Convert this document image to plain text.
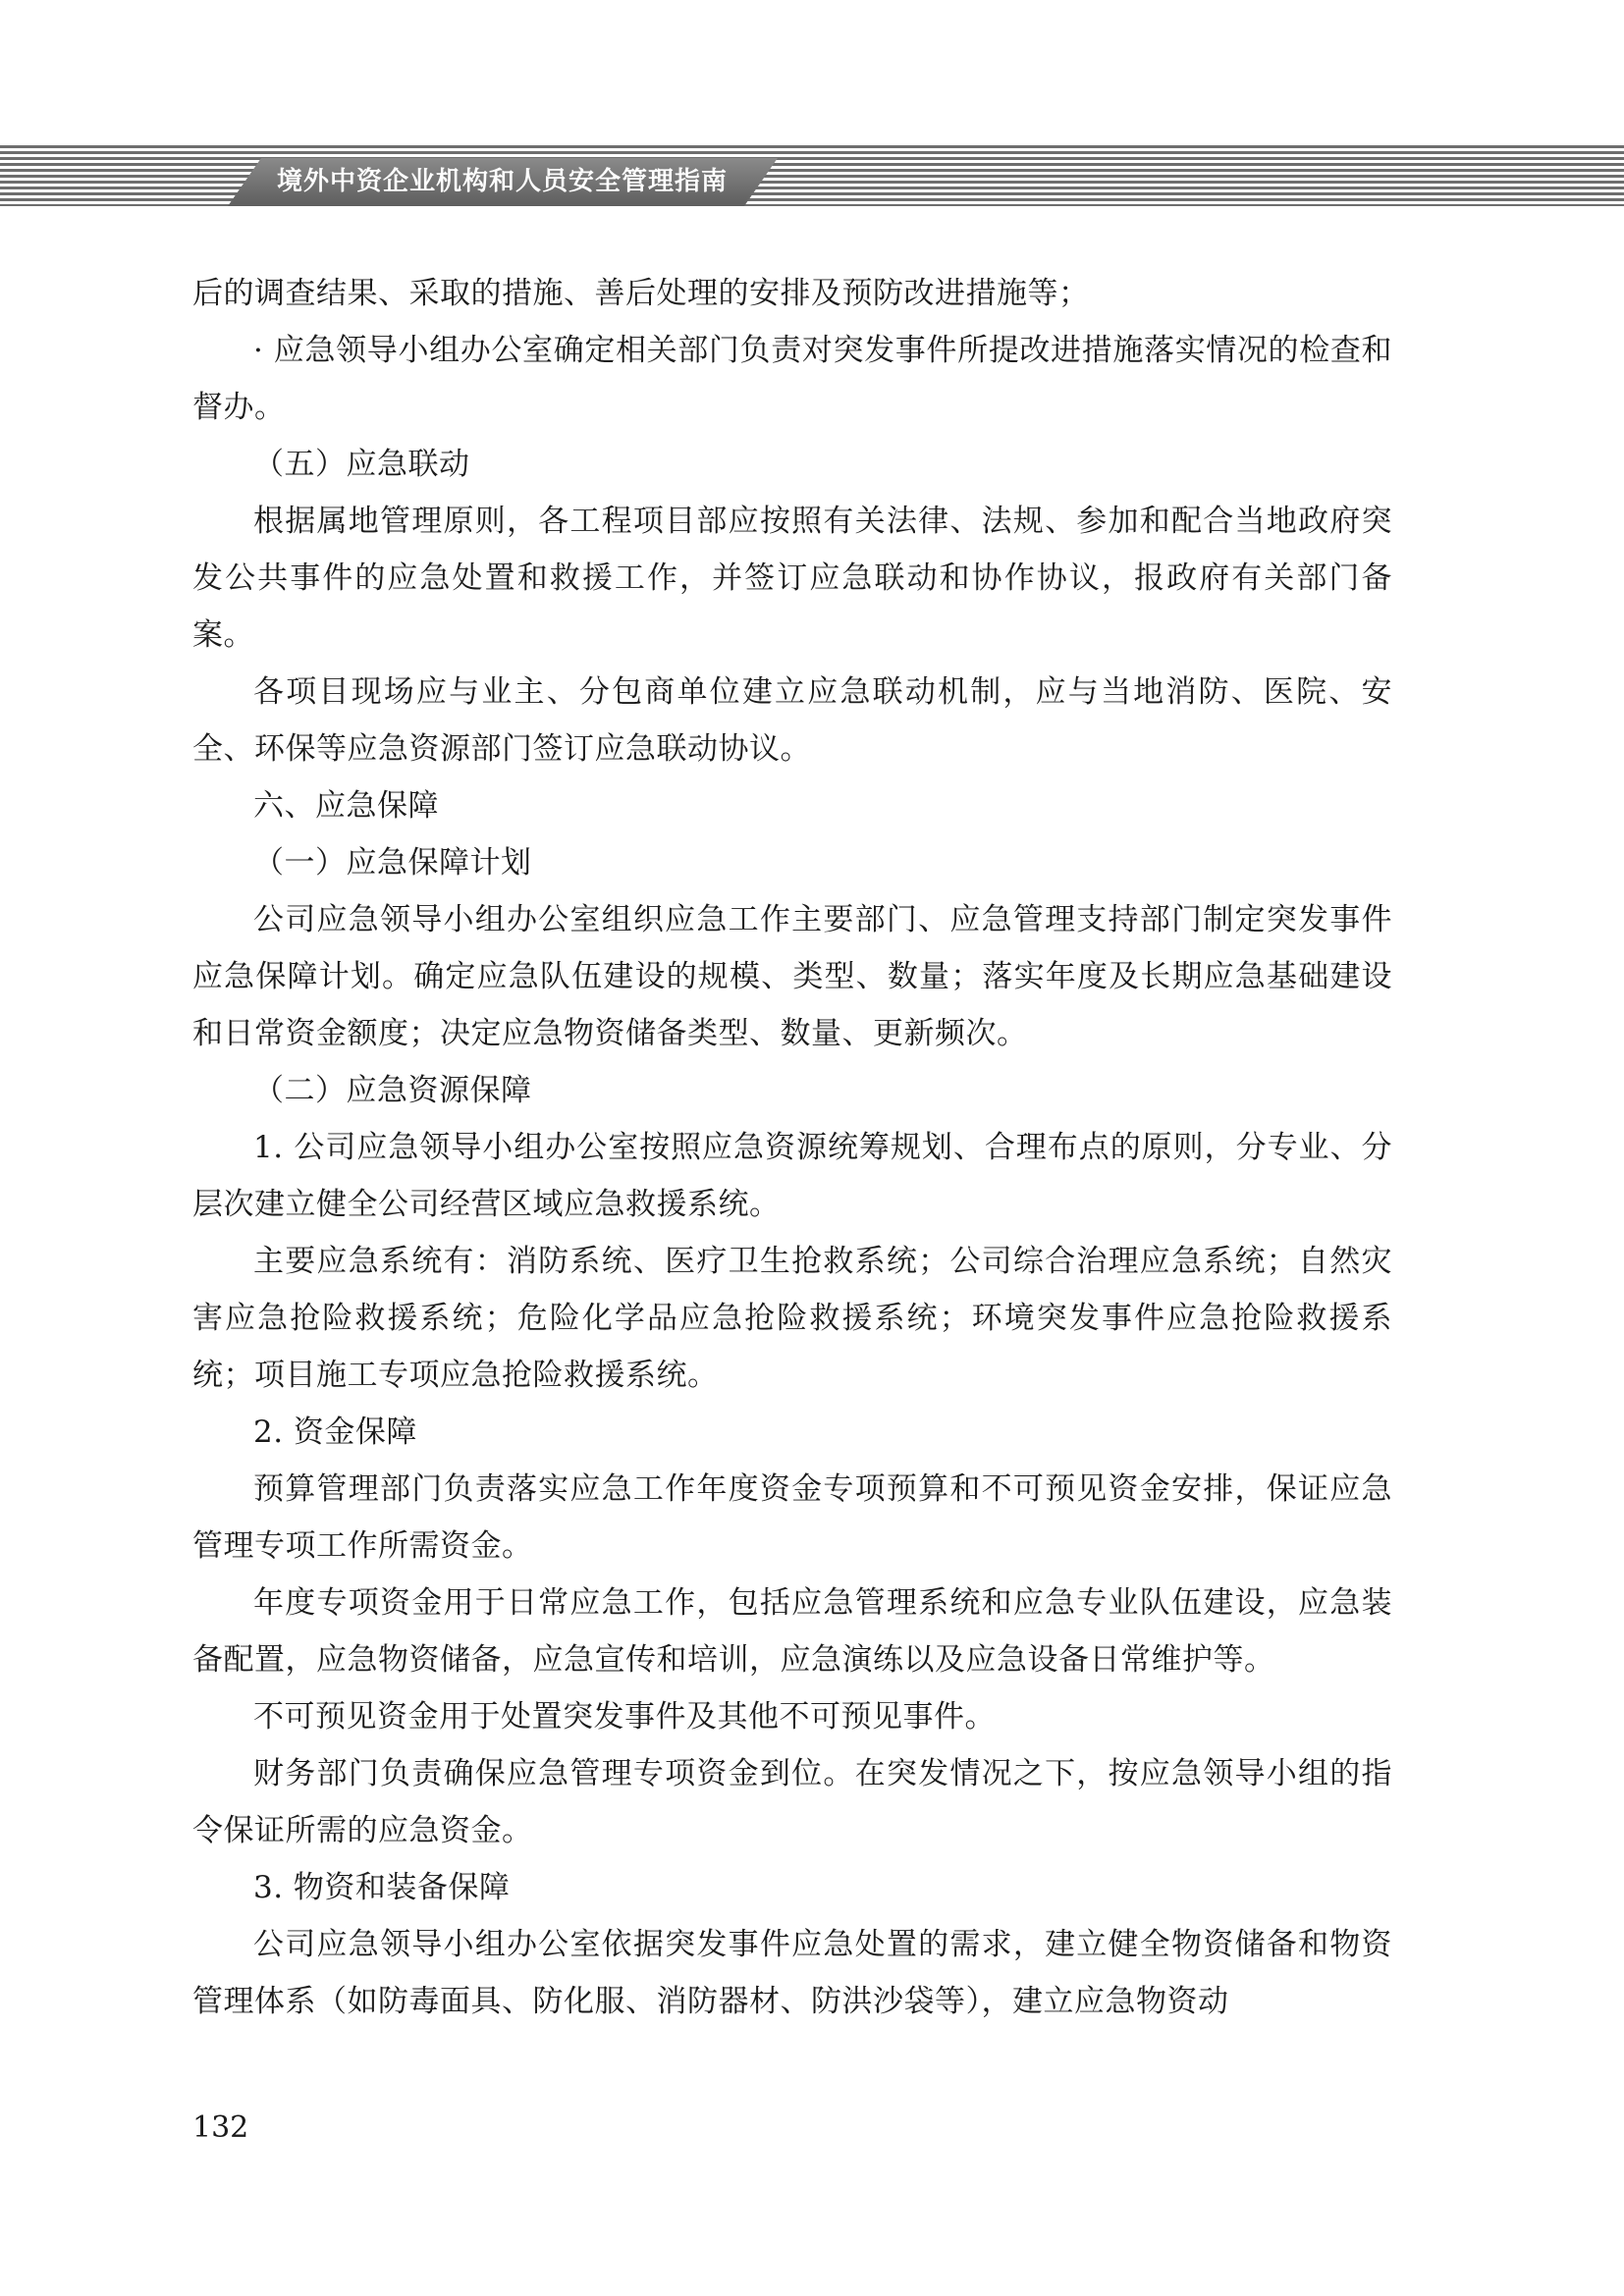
境外中资企业机构和人员安全管理指南

后的调查结果、采取的措施、善后处理的安排及预防改进措施等；

· 应急领导小组办公室确定相关部门负责对突发事件所提改进措施落实情况的检查和督办。

（五）应急联动

根据属地管理原则，各工程项目部应按照有关法律、法规、参加和配合当地政府突发公共事件的应急处置和救援工作，并签订应急联动和协作协议，报政府有关部门备案。

各项目现场应与业主、分包商单位建立应急联动机制，应与当地消防、医院、安全、环保等应急资源部门签订应急联动协议。

六、应急保障

（一）应急保障计划

公司应急领导小组办公室组织应急工作主要部门、应急管理支持部门制定突发事件应急保障计划。确定应急队伍建设的规模、类型、数量；落实年度及长期应急基础建设和日常资金额度；决定应急物资储备类型、数量、更新频次。

（二）应急资源保障

1. 公司应急领导小组办公室按照应急资源统筹规划、合理布点的原则，分专业、分层次建立健全公司经营区域应急救援系统。

主要应急系统有：消防系统、医疗卫生抢救系统；公司综合治理应急系统；自然灾害应急抢险救援系统；危险化学品应急抢险救援系统；环境突发事件应急抢险救援系统；项目施工专项应急抢险救援系统。

2. 资金保障

预算管理部门负责落实应急工作年度资金专项预算和不可预见资金安排，保证应急管理专项工作所需资金。

年度专项资金用于日常应急工作，包括应急管理系统和应急专业队伍建设，应急装备配置，应急物资储备，应急宣传和培训，应急演练以及应急设备日常维护等。

不可预见资金用于处置突发事件及其他不可预见事件。

财务部门负责确保应急管理专项资金到位。在突发情况之下，按应急领导小组的指令保证所需的应急资金。

3. 物资和装备保障

公司应急领导小组办公室依据突发事件应急处置的需求，建立健全物资储备和物资管理体系（如防毒面具、防化服、消防器材、防洪沙袋等），建立应急物资动

132
